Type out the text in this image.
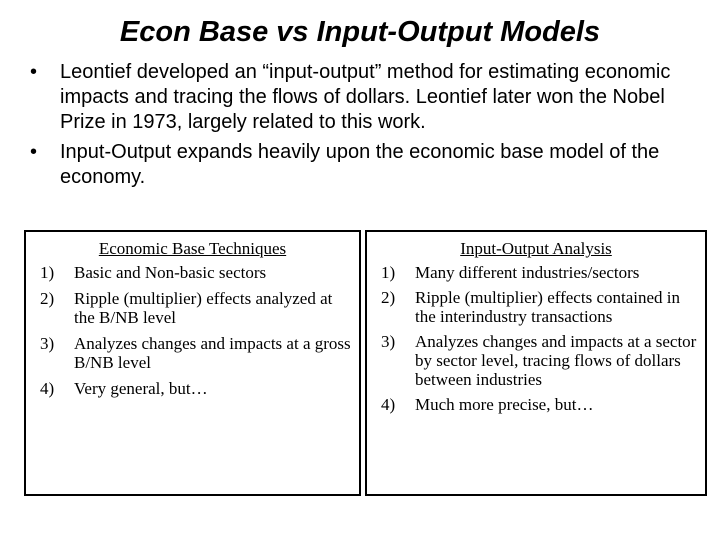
Econ Base vs Input-Output Models
• Leontief developed an “input-output” method for estimating economic impacts and tracing the flows of dollars. Leontief later won the Nobel Prize in 1973, largely related to this work.
• Input-Output expands heavily upon the economic base model of the economy.
Economic Base Techniques
1) Basic and Non-basic sectors
2) Ripple (multiplier) effects analyzed at the B/NB level
3) Analyzes changes and impacts at a gross B/NB level
4) Very general, but…
Input-Output Analysis
1) Many different industries/sectors
2) Ripple (multiplier) effects contained in the interindustry transactions
3) Analyzes changes and impacts at a sector by sector level, tracing flows of dollars between industries
4) Much more precise, but…
